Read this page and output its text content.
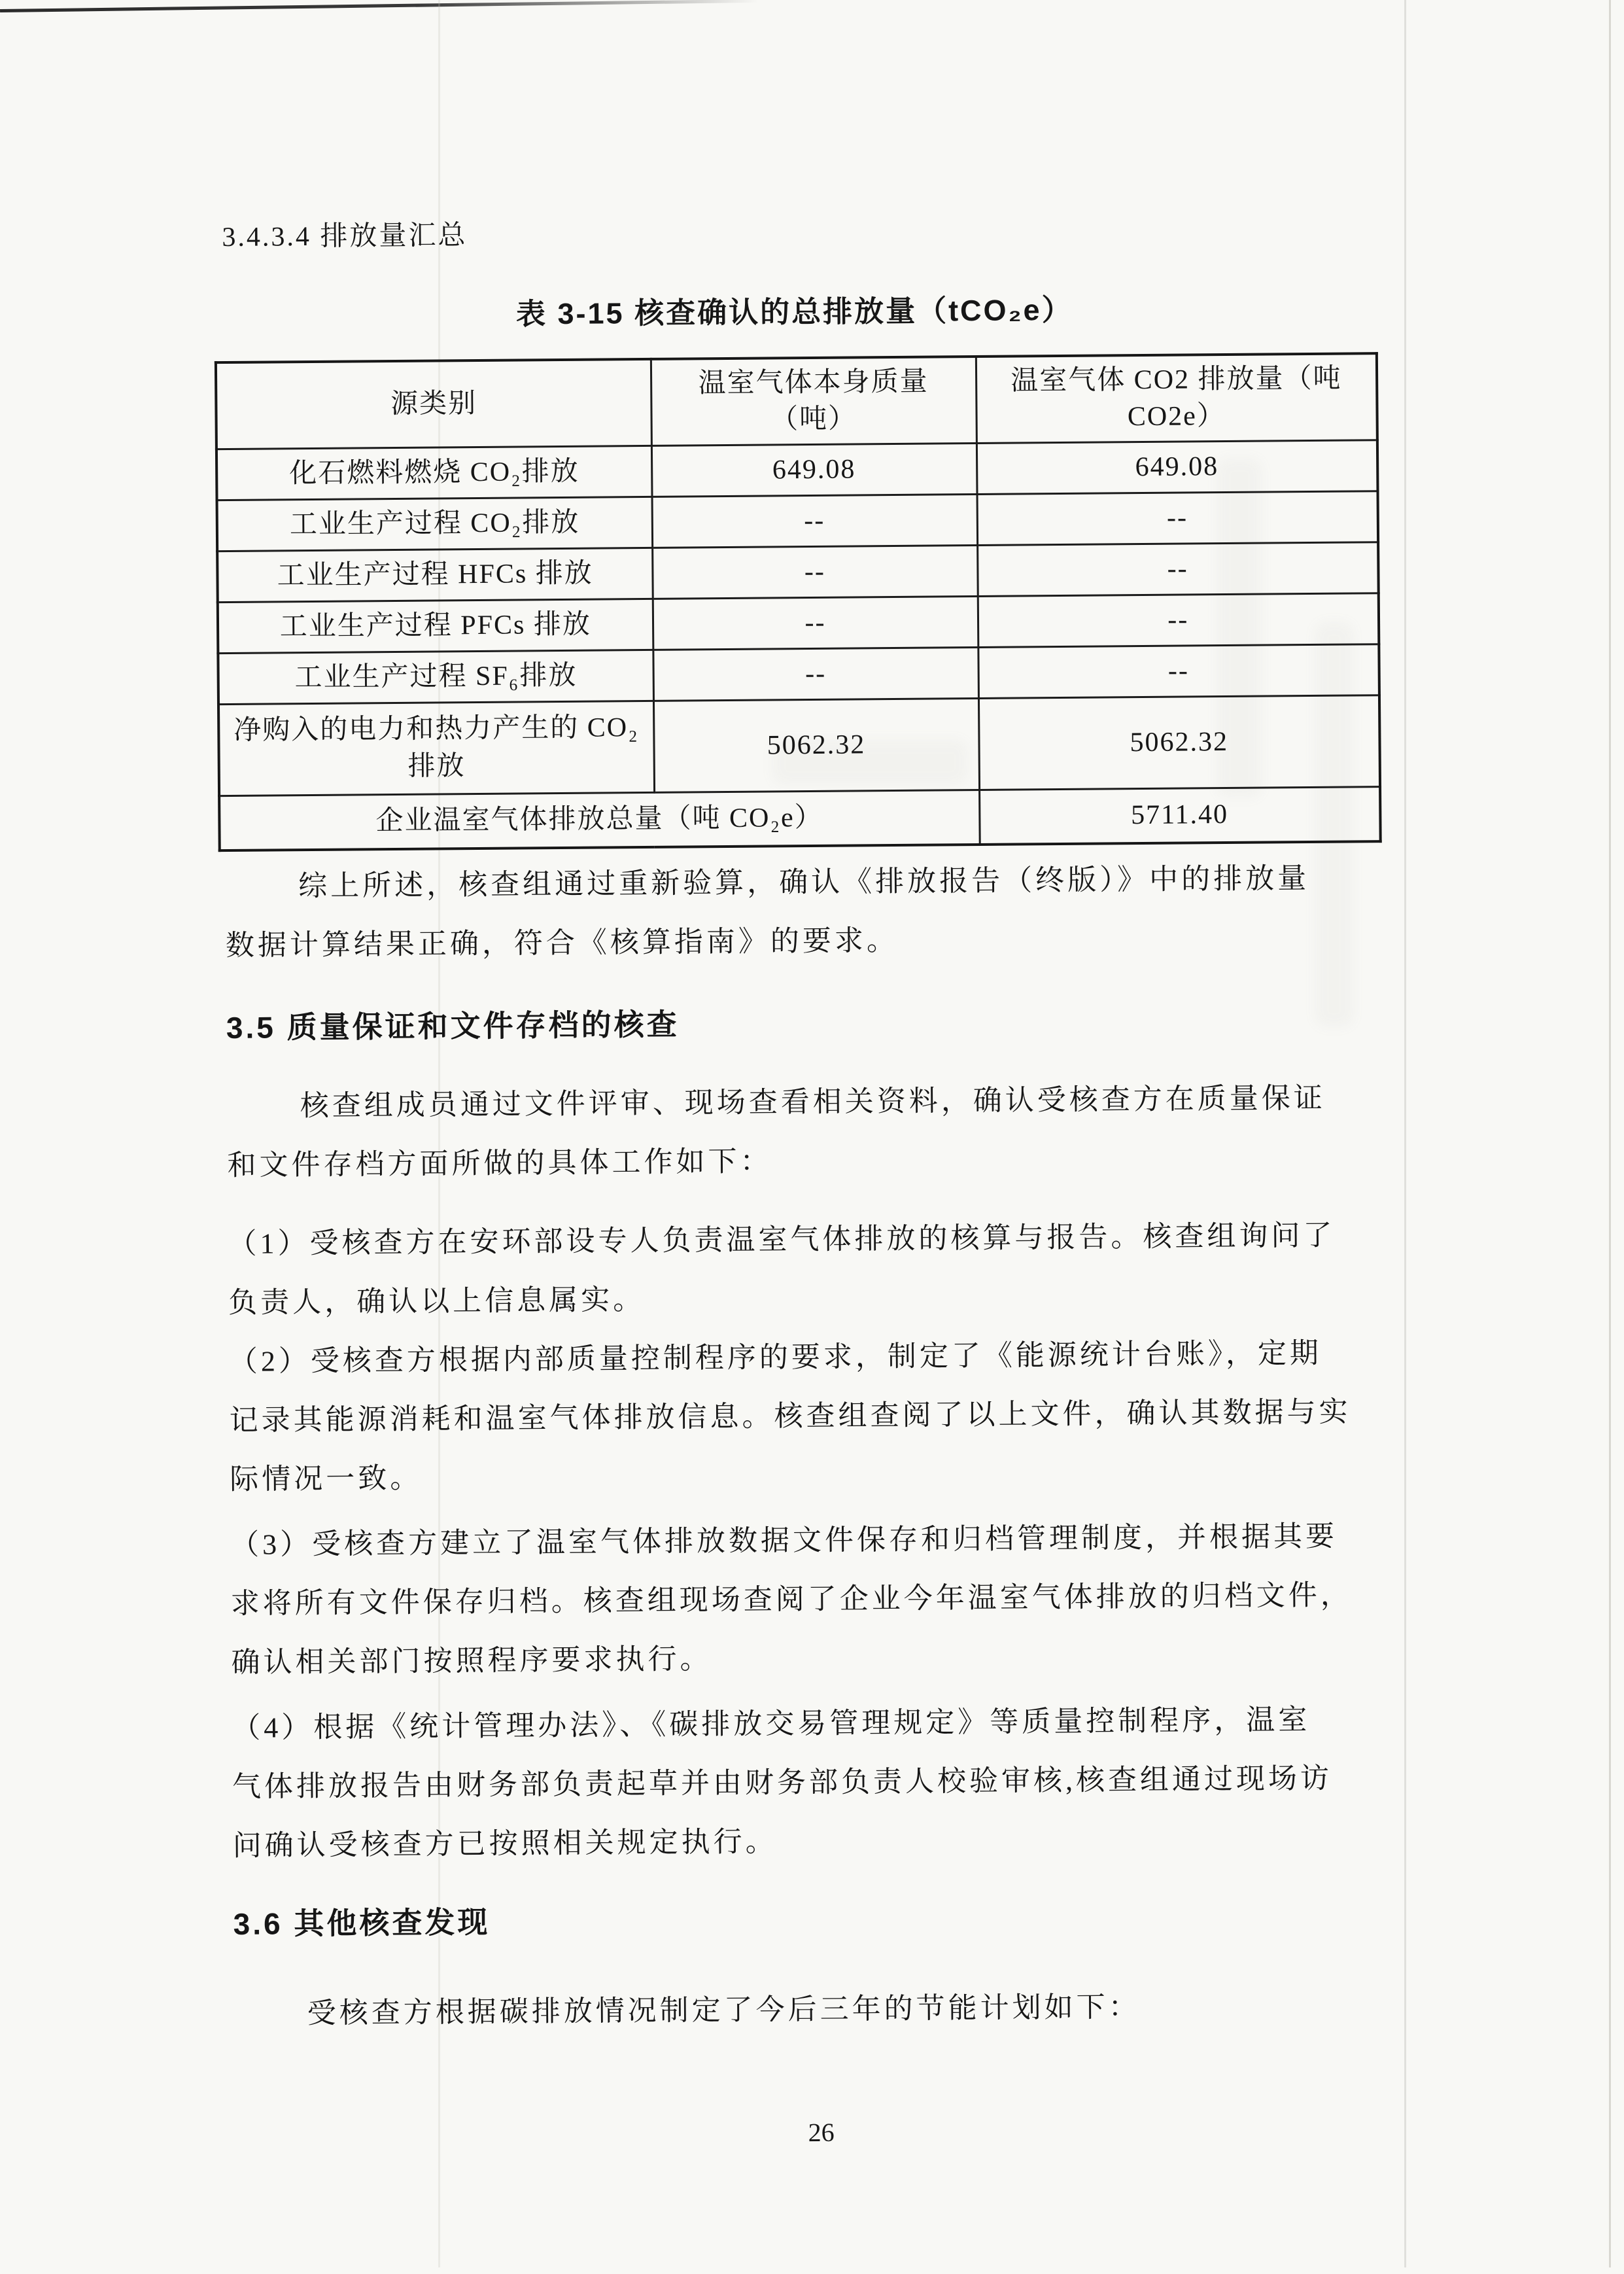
3.4.3.4 排放量汇总
表 3-15 核查确认的总排放量（tCO₂e）
源类别	温室气体本身质量（吨）	温室气体 CO2 排放量（吨 CO2e）

化石燃料燃烧 CO₂排放	649.08	649.08
工业生产过程 CO₂排放	--	--
工业生产过程 HFCs 排放	--	--
工业生产过程 PFCs 排放	--	--
工业生产过程 SF₆排放	--	--

净购入的电力和热力产生的 CO₂排放	5062.32	5062.32
企业温室气体排放总量（吨 CO₂e）		5711.40
综上所述，核查组通过重新验算，确认《排放报告（终版）》中的排放量
数据计算结果正确，符合《核算指南》的要求。
3.5 质量保证和文件存档的核查
核查组成员通过文件评审、现场查看相关资料，确认受核查方在质量保证
和文件存档方面所做的具体工作如下：
（1）受核查方在安环部设专人负责温室气体排放的核算与报告。核查组询问了
负责人，确认以上信息属实。
（2）受核查方根据内部质量控制程序的要求，制定了《能源统计台账》，定期
记录其能源消耗和温室气体排放信息。核查组查阅了以上文件，确认其数据与实
际情况一致。
（3）受核查方建立了温室气体排放数据文件保存和归档管理制度，并根据其要
求将所有文件保存归档。核查组现场查阅了企业今年温室气体排放的归档文件，
确认相关部门按照程序要求执行。
（4）根据《统计管理办法》、《碳排放交易管理规定》等质量控制程序，温室
气体排放报告由财务部负责起草并由财务部负责人校验审核,核查组通过现场访
问确认受核查方已按照相关规定执行。
3.6 其他核查发现
受核查方根据碳排放情况制定了今后三年的节能计划如下：
26
